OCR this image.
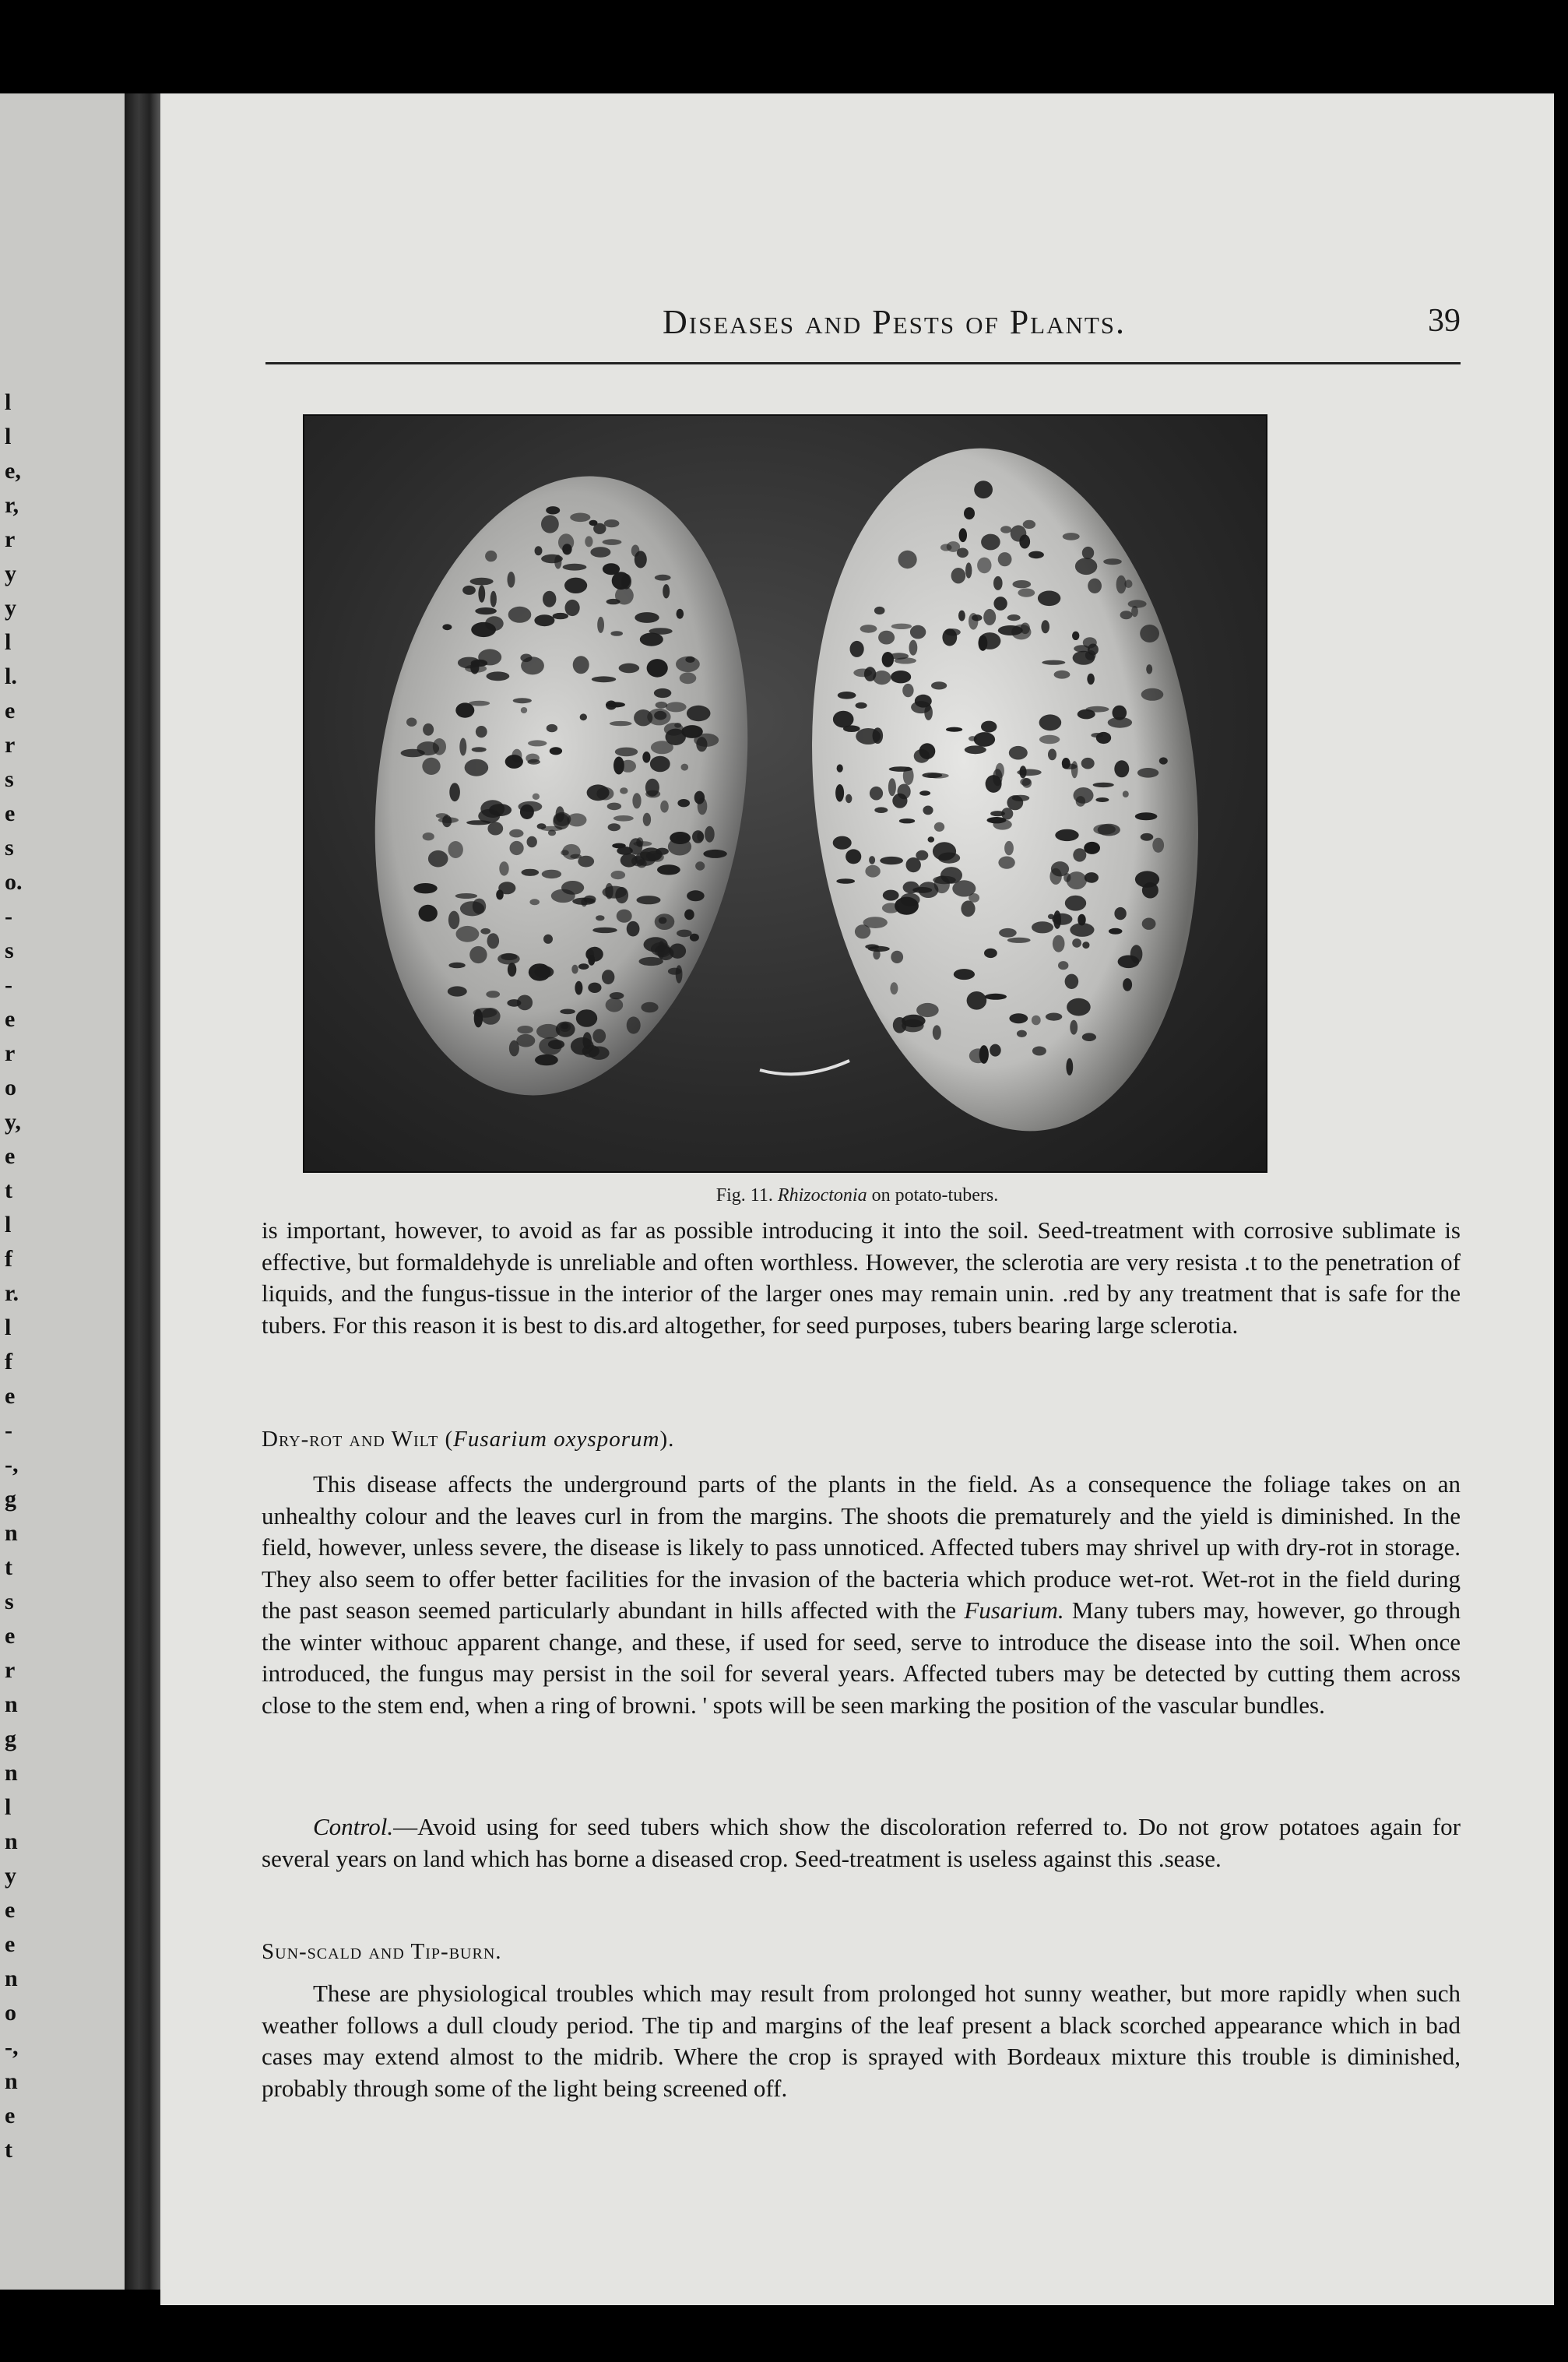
l
l
e,
r,
r
y
y
l
l.
e
r
s
e
s
o.
-
s
-
e
r
o
y,
e
t
l
f
r.
l
f
e
-
-,
g
n
t
s
e
r
n
g
n
l
n
y
e
e
n
o
-,
n
e
t
Diseases and Pests of Plants.	39
Fig. 11. Rhizoctonia on potato-tubers.

is important, however, to avoid as far as possible introducing it into the soil. Seed-treatment with corrosive sublimate is effective, but formaldehyde is unreliable and often worthless. However, the sclerotia are very resista .t to the penetration of liquids, and the fungus-tissue in the interior of the larger ones may remain unin. .red by any treatment that is safe for the tubers. For this reason it is best to dis.ard altogether, for seed purposes, tubers bearing large sclerotia.

Dry-rot and Wilt (Fusarium oxysporum).

This disease affects the underground parts of the plants in the field. As a consequence the foliage takes on an unhealthy colour and the leaves curl in from the margins. The shoots die prematurely and the yield is diminished. In the field, however, unless severe, the disease is likely to pass unnoticed. Affected tubers may shrivel up with dry-rot in storage. They also seem to offer better facilities for the invasion of the bacteria which produce wet-rot. Wet-rot in the field during the past season seemed particularly abundant in hills affected with the Fusarium. Many tubers may, however, go through the winter withouc apparent change, and these, if used for seed, serve to introduce the disease into the soil. When once introduced, the fungus may persist in the soil for several years. Affected tubers may be detected by cutting them across close to the stem end, when a ring of browni. ' spots will be seen marking the position of the vascular bundles.

Control.—Avoid using for seed tubers which show the discoloration referred to. Do not grow potatoes again for several years on land which has borne a diseased crop. Seed-treatment is useless against this .sease.

Sun-scald and Tip-burn.

These are physiological troubles which may result from prolonged hot sunny weather, but more rapidly when such weather follows a dull cloudy period. The tip and margins of the leaf present a black scorched appearance which in bad cases may extend almost to the midrib. Where the crop is sprayed with Bordeaux mixture this trouble is diminished, probably through some of the light being screened off.
